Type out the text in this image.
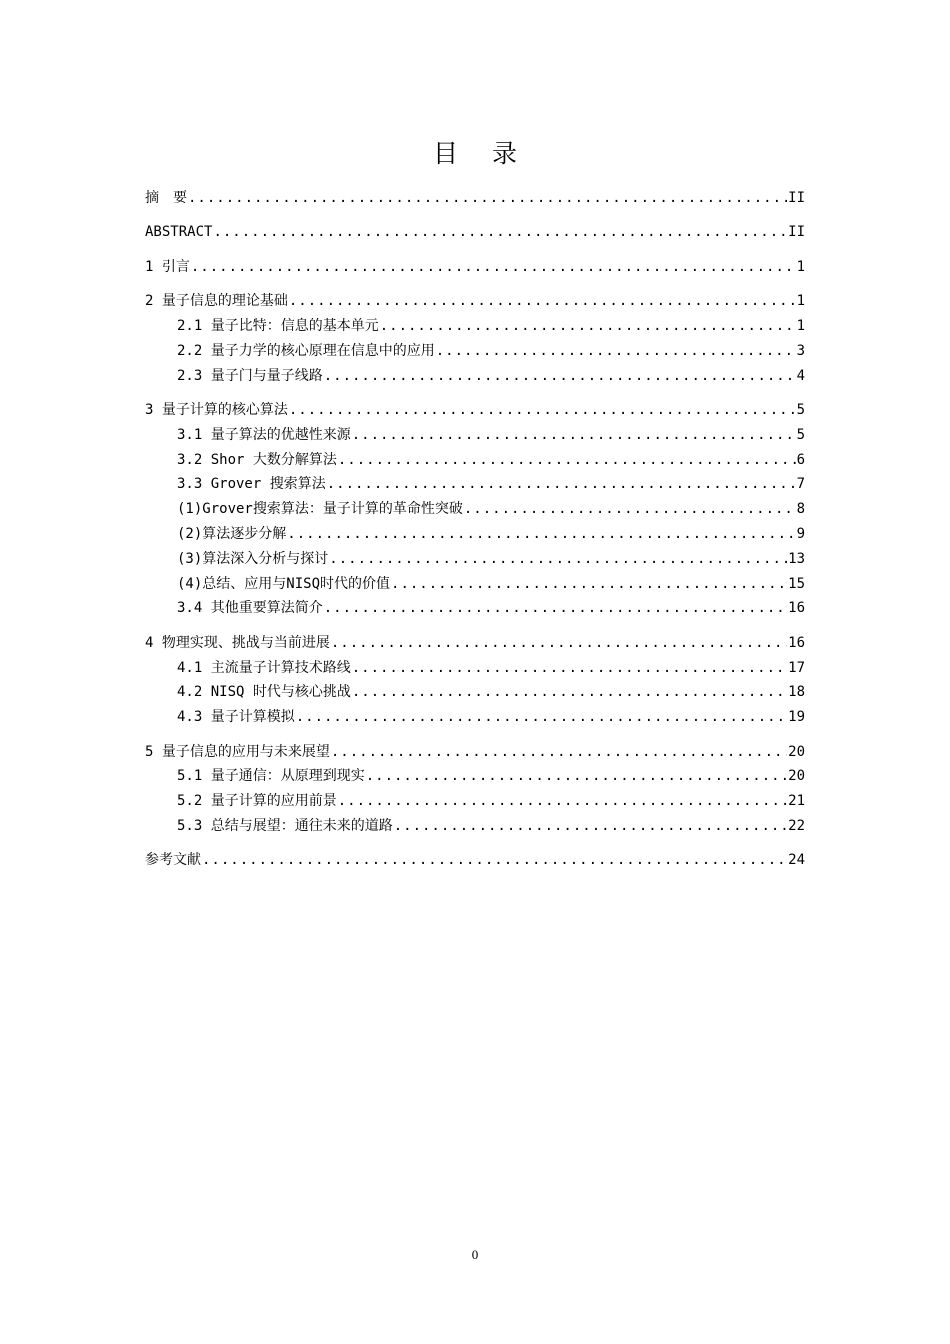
目 录
摘　要 .....	II
ABSTRACT .....	II
1 引言 .....	1
2 量子信息的理论基础 .....	1
2.1 量子比特：信息的基本单元 .....	1
2.2 量子力学的核心原理在信息中的应用 .....	3
2.3 量子门与量子线路 .....	4
3 量子计算的核心算法 .....	5
3.1 量子算法的优越性来源 .....	5
3.2 Shor 大数分解算法 .....	6
3.3 Grover 搜索算法 .....	7
(1)Grover搜索算法：量子计算的革命性突破 .....	8
(2)算法逐步分解 .....	9
(3)算法深入分析与探讨 .....	13
(4)总结、应用与NISQ时代的价值 .....	15
3.4 其他重要算法简介 .....	16
4 物理实现、挑战与当前进展 .....	16
4.1 主流量子计算技术路线 .....	17
4.2 NISQ 时代与核心挑战 .....	18
4.3 量子计算模拟 .....	19
5 量子信息的应用与未来展望 .....	20
5.1 量子通信：从原理到现实 .....	20
5.2 量子计算的应用前景 .....	21
5.3 总结与展望：通往未来的道路 .....	22
参考文献 .....	24
0
